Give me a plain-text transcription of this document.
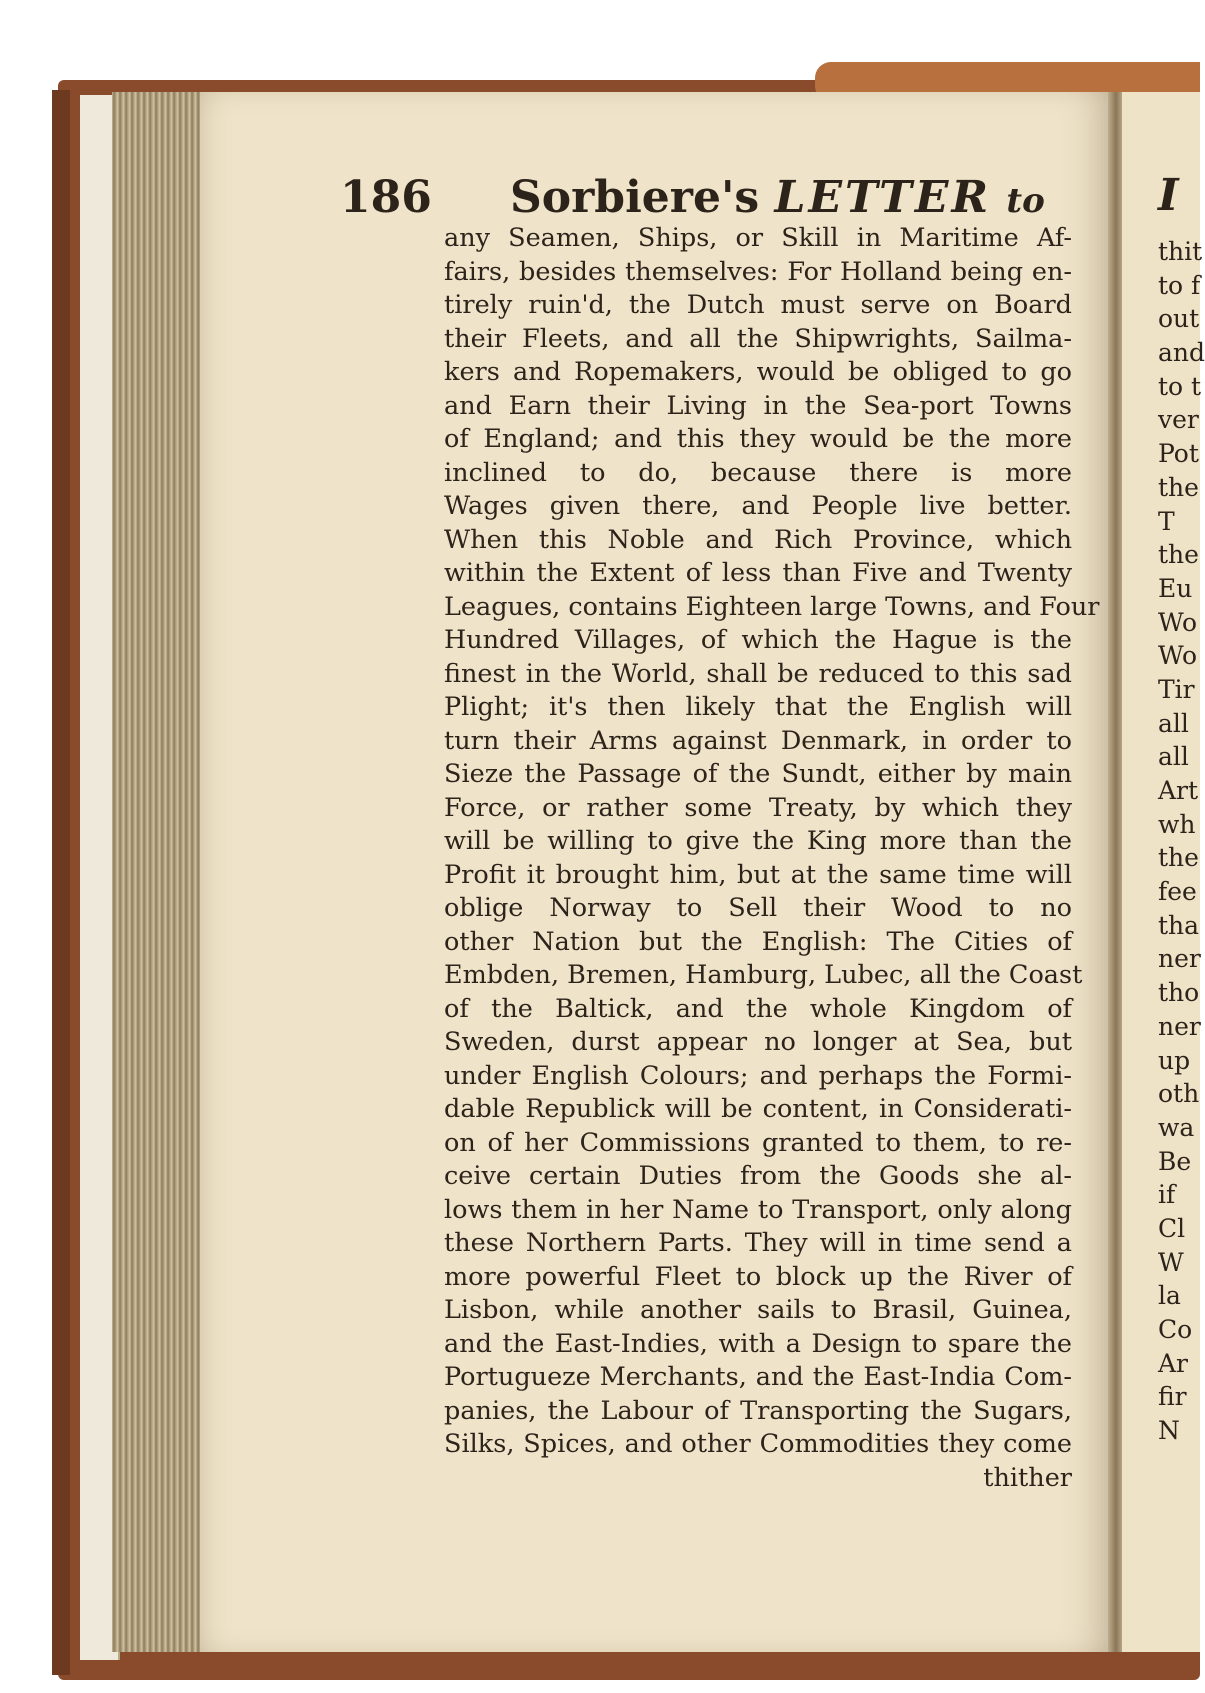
186 Sorbiere's LETTER to
any Seamen, Ships, or Skill in Maritime Af-
fairs, besides themselves: For Holland being en-
tirely ruin'd, the Dutch must serve on Board
their Fleets, and all the Shipwrights, Sailma-
kers and Ropemakers, would be obliged to go
and Earn their Living in the Sea-port Towns
of England; and this they would be the more
inclined to do, because there is more
Wages given there, and People live better.
When this Noble and Rich Province, which
within the Extent of less than Five and Twenty
Leagues, contains Eighteen large Towns, and Four
Hundred Villages, of which the Hague is the
finest in the World, shall be reduced to this sad
Plight; it's then likely that the English will
turn their Arms against Denmark, in order to
Sieze the Passage of the Sundt, either by main
Force, or rather some Treaty, by which they
will be willing to give the King more than the
Profit it brought him, but at the same time will
oblige Norway to Sell their Wood to no
other Nation but the English: The Cities of
Embden, Bremen, Hamburg, Lubec, all the Coast
of the Baltick, and the whole Kingdom of
Sweden, durst appear no longer at Sea, but
under English Colours; and perhaps the Formi-
dable Republick will be content, in Considerati-
on of her Commissions granted to them, to re-
ceive certain Duties from the Goods she al-
lows them in her Name to Transport, only along
these Northern Parts. They will in time send a
more powerful Fleet to block up the River of
Lisbon, while another sails to Brasil, Guinea,
and the East-Indies, with a Design to spare the
Portugueze Merchants, and the East-India Com-
panies, the Labour of Transporting the Sugars,
Silks, Spices, and other Commodities they come
thither
I
thit
to f
out
and
to t
ver
Pot
the
T
the
Eu
Wo
Wo
Tir
all
all
Art
wh
the
fee
tha
ner
tho
ner
up
oth
wa
Be
if
Cl
W
la
Co
Ar
fir
N
